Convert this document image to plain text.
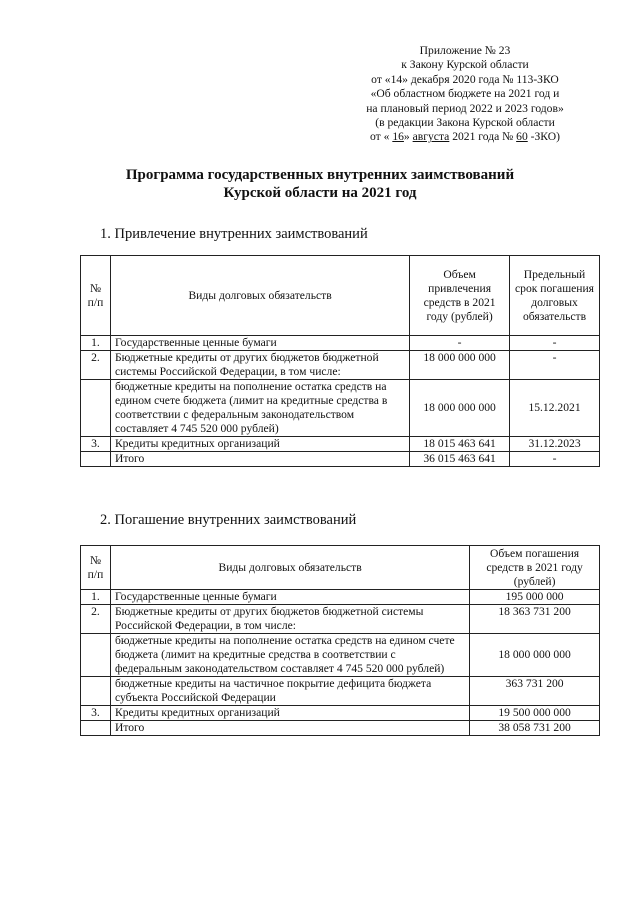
Приложение № 23
к Закону Курской области
от «14» декабря 2020 года № 113-ЗКО
«Об областном бюджете на 2021 год и
на плановый период 2022 и 2023 годов»
(в редакции Закона Курской области
от « 16» августа 2021 года № 60 -ЗКО)
Программа государственных внутренних заимствований
Курской области на 2021 год
1. Привлечение внутренних заимствований
№ п/п	Виды долговых обязательств	Объем привлечения средств в 2021 году (рублей)	Предельный срок погашения долговых обязательств
1.	Государственные ценные бумаги	-	-
2.	Бюджетные кредиты от других бюджетов бюджетной системы Российской Федерации, в том числе:	18 000 000 000	-
	бюджетные кредиты на пополнение остатка средств на едином счете бюджета (лимит на кредитные средства в соответствии с федеральным законодательством составляет 4 745 520 000 рублей)	18 000 000 000	15.12.2021
3.	Кредиты кредитных организаций	18 015 463 641	31.12.2023
	Итого	36 015 463 641	-
2. Погашение внутренних заимствований
№ п/п	Виды долговых обязательств	Объем погашения средств в 2021 году (рублей)
1.	Государственные ценные бумаги	195 000 000
2.	Бюджетные кредиты от других бюджетов бюджетной системы Российской Федерации, в том числе:	18 363 731 200
	бюджетные кредиты на пополнение остатка средств на едином счете бюджета (лимит на кредитные средства в соответствии с федеральным законодательством составляет 4 745 520 000 рублей)	18 000 000 000
	бюджетные кредиты на частичное покрытие дефицита бюджета субъекта Российской Федерации	363 731 200
3.	Кредиты кредитных организаций	19 500 000 000
	Итого	38 058 731 200
